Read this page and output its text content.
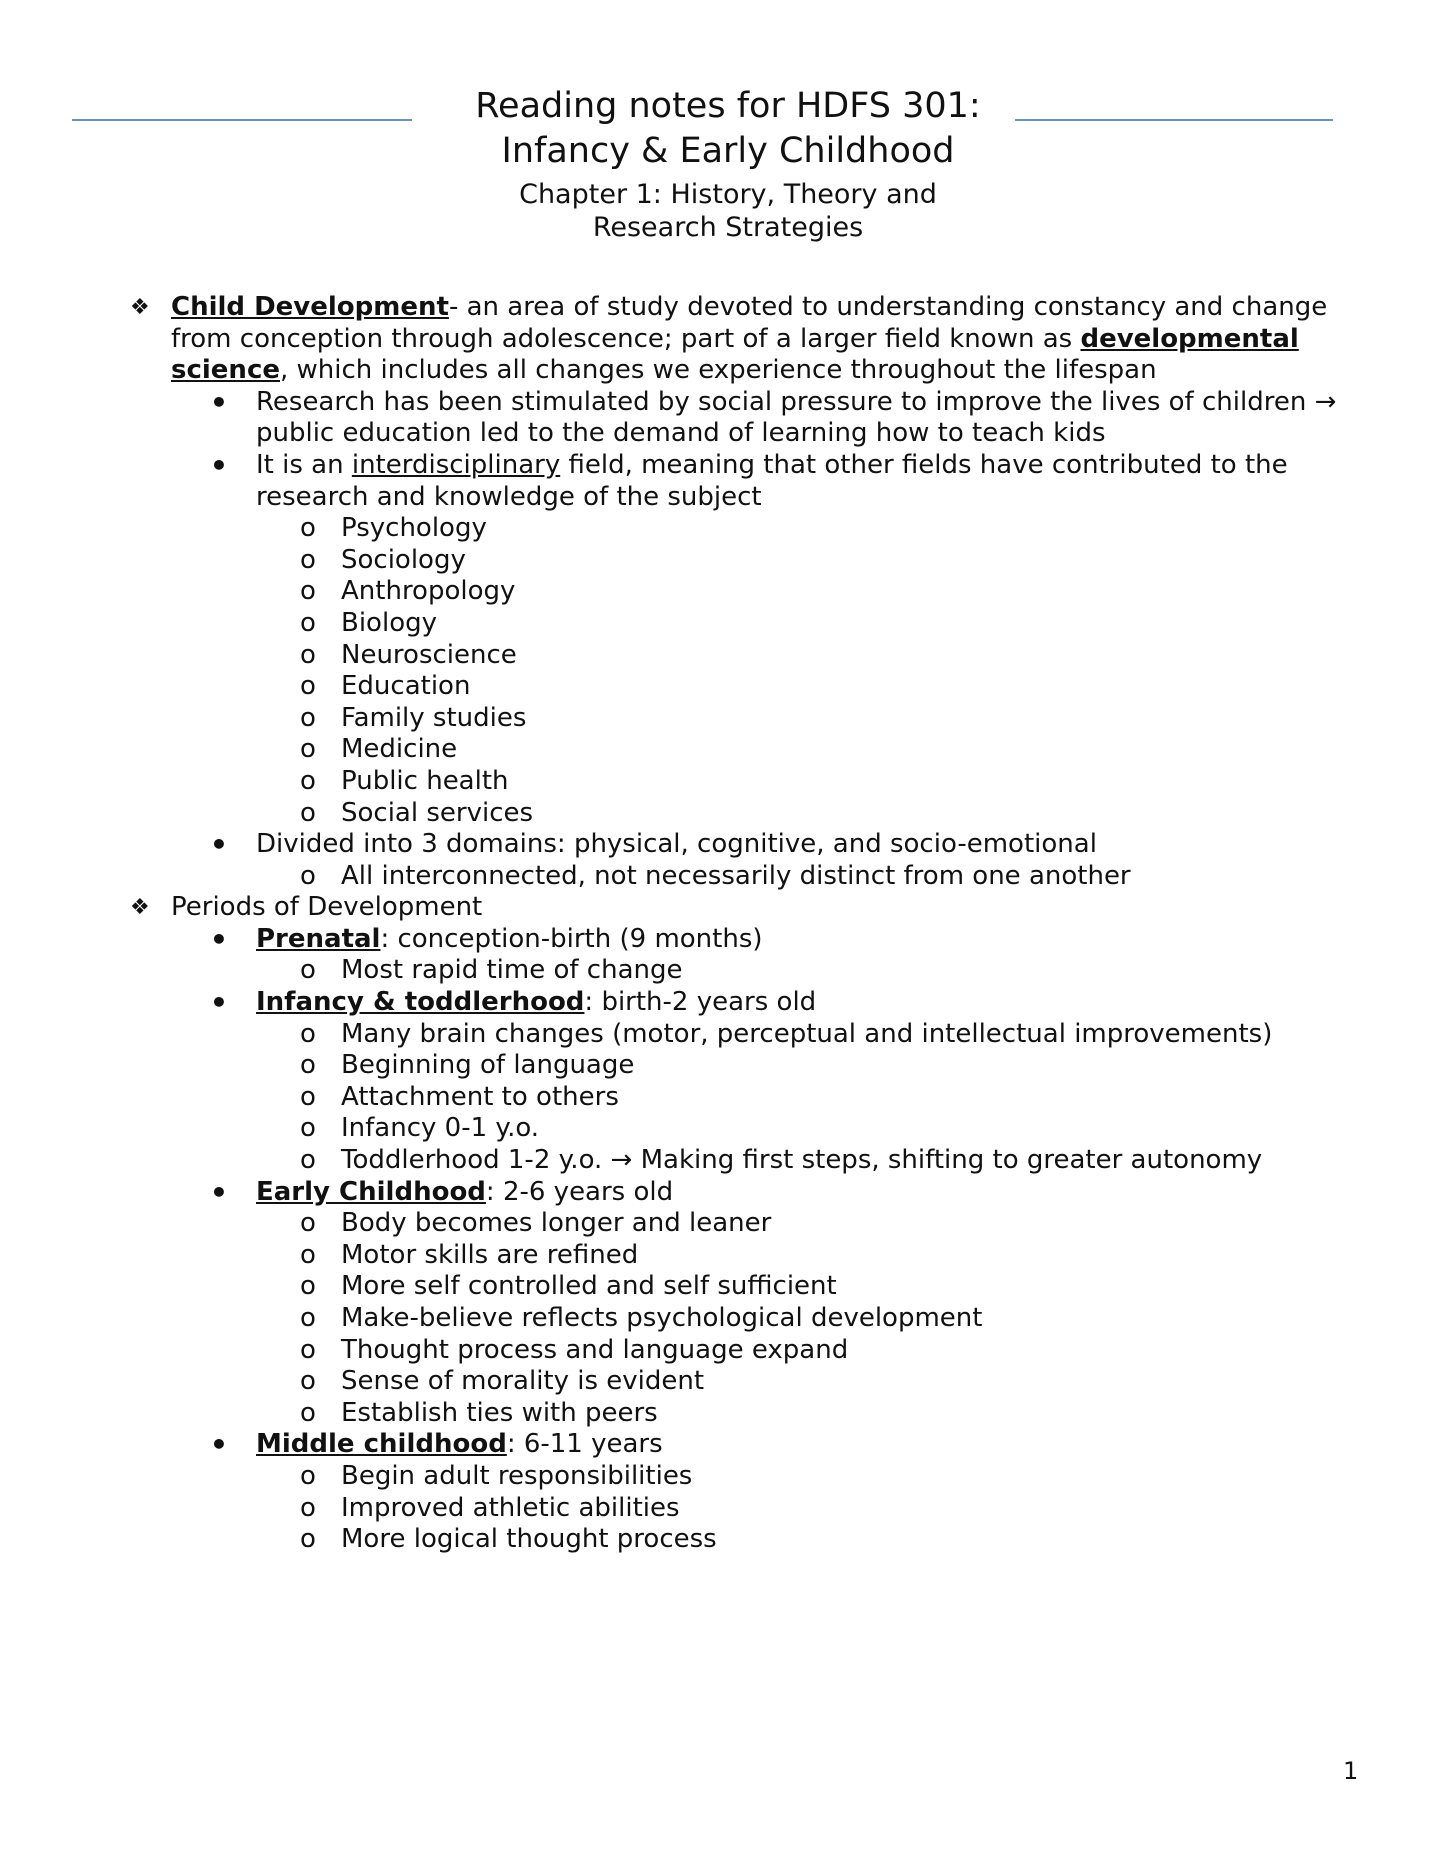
Reading notes for HDFS 301:
Infancy & Early Childhood
Chapter 1: History, Theory and
Research Strategies
❖ Child Development- an area of study devoted to understanding constancy and change
from conception through adolescence; part of a larger field known as developmental
science, which includes all changes we experience throughout the lifespan
• Research has been stimulated by social pressure to improve the lives of children →
public education led to the demand of learning how to teach kids
• It is an interdisciplinary field, meaning that other fields have contributed to the
research and knowledge of the subject
o Psychology
o Sociology
o Anthropology
o Biology
o Neuroscience
o Education
o Family studies
o Medicine
o Public health
o Social services
• Divided into 3 domains: physical, cognitive, and socio-emotional
o All interconnected, not necessarily distinct from one another
❖ Periods of Development
• Prenatal: conception-birth (9 months)
o Most rapid time of change
• Infancy & toddlerhood: birth-2 years old
o Many brain changes (motor, perceptual and intellectual improvements)
o Beginning of language
o Attachment to others
o Infancy 0-1 y.o.
o Toddlerhood 1-2 y.o. → Making first steps, shifting to greater autonomy
• Early Childhood: 2-6 years old
o Body becomes longer and leaner
o Motor skills are refined
o More self controlled and self sufficient
o Make-believe reflects psychological development
o Thought process and language expand
o Sense of morality is evident
o Establish ties with peers
• Middle childhood: 6-11 years
o Begin adult responsibilities
o Improved athletic abilities
o More logical thought process
1
